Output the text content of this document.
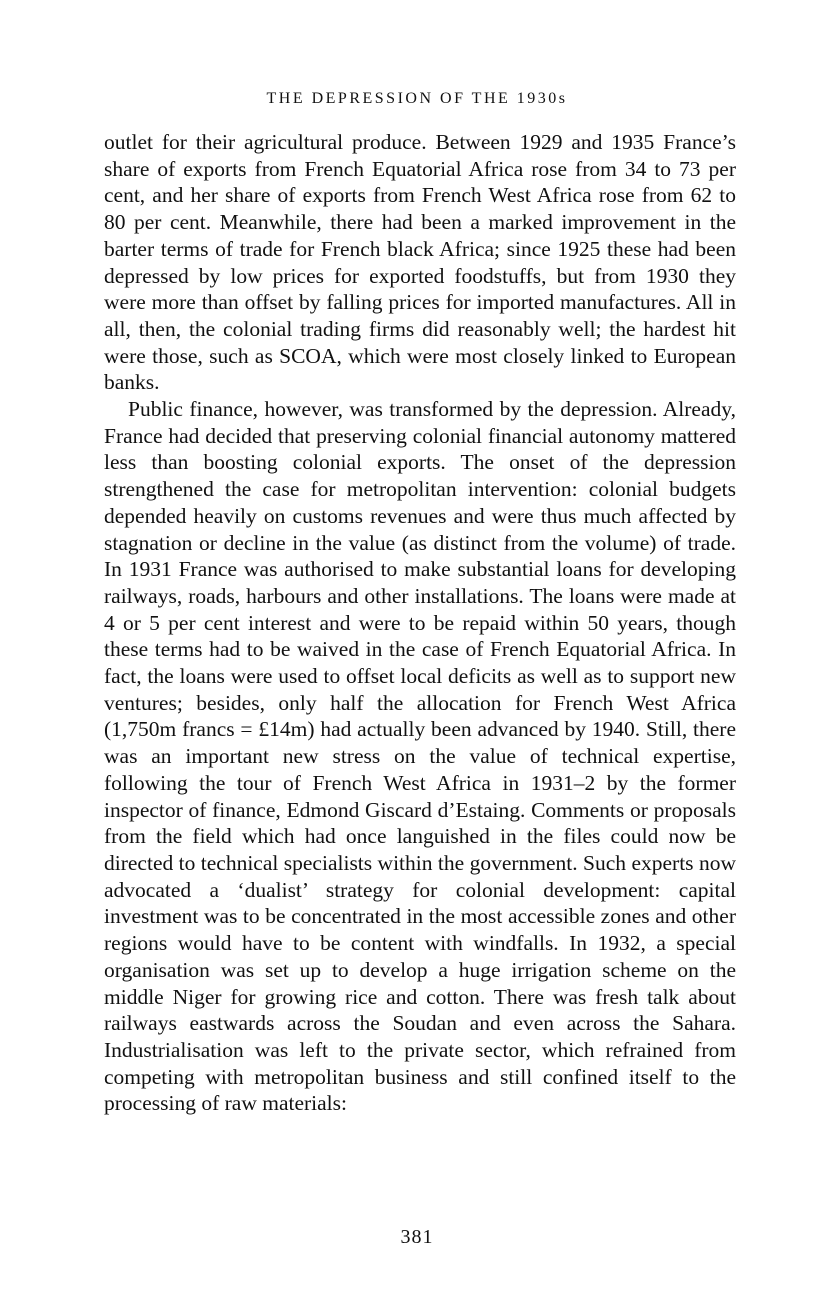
THE DEPRESSION OF THE 1930s

outlet for their agricultural produce. Between 1929 and 1935 France’s share of exports from French Equatorial Africa rose from 34 to 73 per cent, and her share of exports from French West Africa rose from 62 to 80 per cent. Meanwhile, there had been a marked improvement in the barter terms of trade for French black Africa; since 1925 these had been depressed by low prices for exported foodstuffs, but from 1930 they were more than offset by falling prices for imported manufactures. All in all, then, the colonial trading firms did reasonably well; the hardest hit were those, such as SCOA, which were most closely linked to European banks.

Public finance, however, was transformed by the depression. Already, France had decided that preserving colonial financial autonomy mattered less than boosting colonial exports. The onset of the depression strengthened the case for metropolitan intervention: colonial budgets depended heavily on customs revenues and were thus much affected by stagnation or decline in the value (as distinct from the volume) of trade. In 1931 France was authorised to make substantial loans for developing railways, roads, harbours and other installations. The loans were made at 4 or 5 per cent interest and were to be repaid within 50 years, though these terms had to be waived in the case of French Equatorial Africa. In fact, the loans were used to offset local deficits as well as to support new ventures; besides, only half the allocation for French West Africa (1,750m francs = £14m) had actually been advanced by 1940. Still, there was an important new stress on the value of technical expertise, following the tour of French West Africa in 1931–2 by the former inspector of finance, Edmond Giscard d’Estaing. Comments or proposals from the field which had once languished in the files could now be directed to technical specialists within the government. Such experts now advocated a ‘dualist’ strategy for colonial development: capital investment was to be concentrated in the most accessible zones and other regions would have to be content with windfalls. In 1932, a special organisation was set up to develop a huge irrigation scheme on the middle Niger for growing rice and cotton. There was fresh talk about railways eastwards across the Soudan and even across the Sahara. Industrialisation was left to the private sector, which refrained from competing with metropolitan business and still confined itself to the processing of raw materials:

381
